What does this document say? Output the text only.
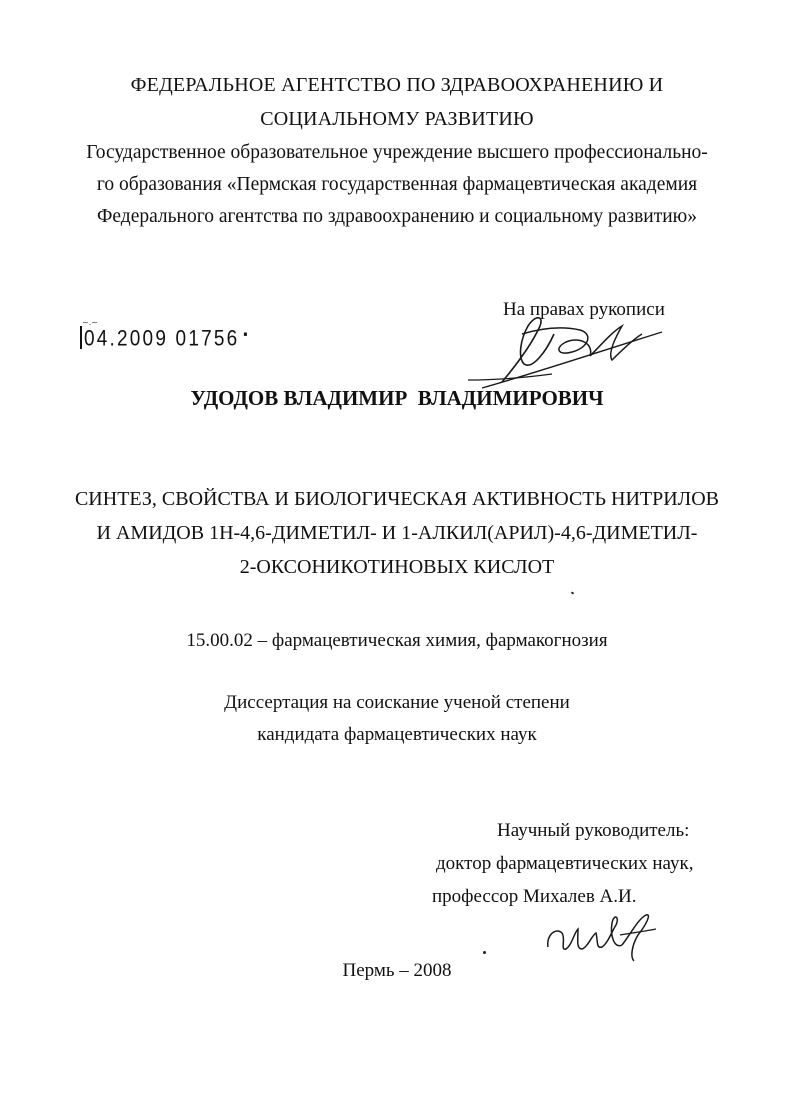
ФЕДЕРАЛЬНОЕ АГЕНТСТВО ПО ЗДРАВООХРАНЕНИЮ И
СОЦИАЛЬНОМУ РАЗВИТИЮ
Государственное образовательное учреждение высшего профессионально-
го образования «Пермская государственная фармацевтическая академия
Федерального агентства по здравоохранению и социальному развитию»
На правах рукописи
~.~
04.2009 01756 ▪
УДОДОВ ВЛАДИМИР  ВЛАДИМИРОВИЧ
СИНТЕЗ, СВОЙСТВА И БИОЛОГИЧЕСКАЯ АКТИВНОСТЬ НИТРИЛОВ
И АМИДОВ 1Н-4,6-ДИМЕТИЛ- И 1-АЛКИЛ(АРИЛ)-4,6-ДИМЕТИЛ-
2-ОКСОНИКОТИНОВЫХ КИСЛОТ
15.00.02 – фармацевтическая химия, фармакогнозия
Диссертация на соискание ученой степени
кандидата фармацевтических наук
Научный руководитель:
доктор фармацевтических наук,
профессор Михалев А.И.
Пермь – 2008
